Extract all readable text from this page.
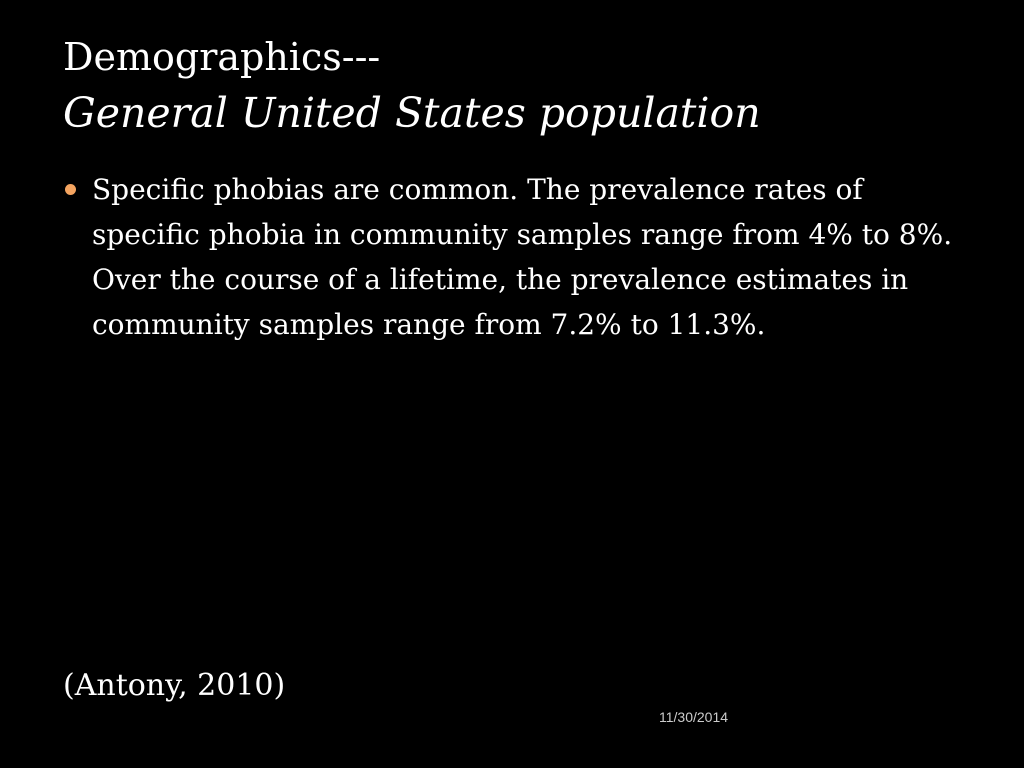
Demographics---
General United States population
Specific phobias are common. The prevalence rates of specific phobia in community samples range from 4% to 8%. Over the course of a lifetime, the prevalence estimates in community samples range from 7.2% to 11.3%.
(Antony, 2010)
11/30/2014
